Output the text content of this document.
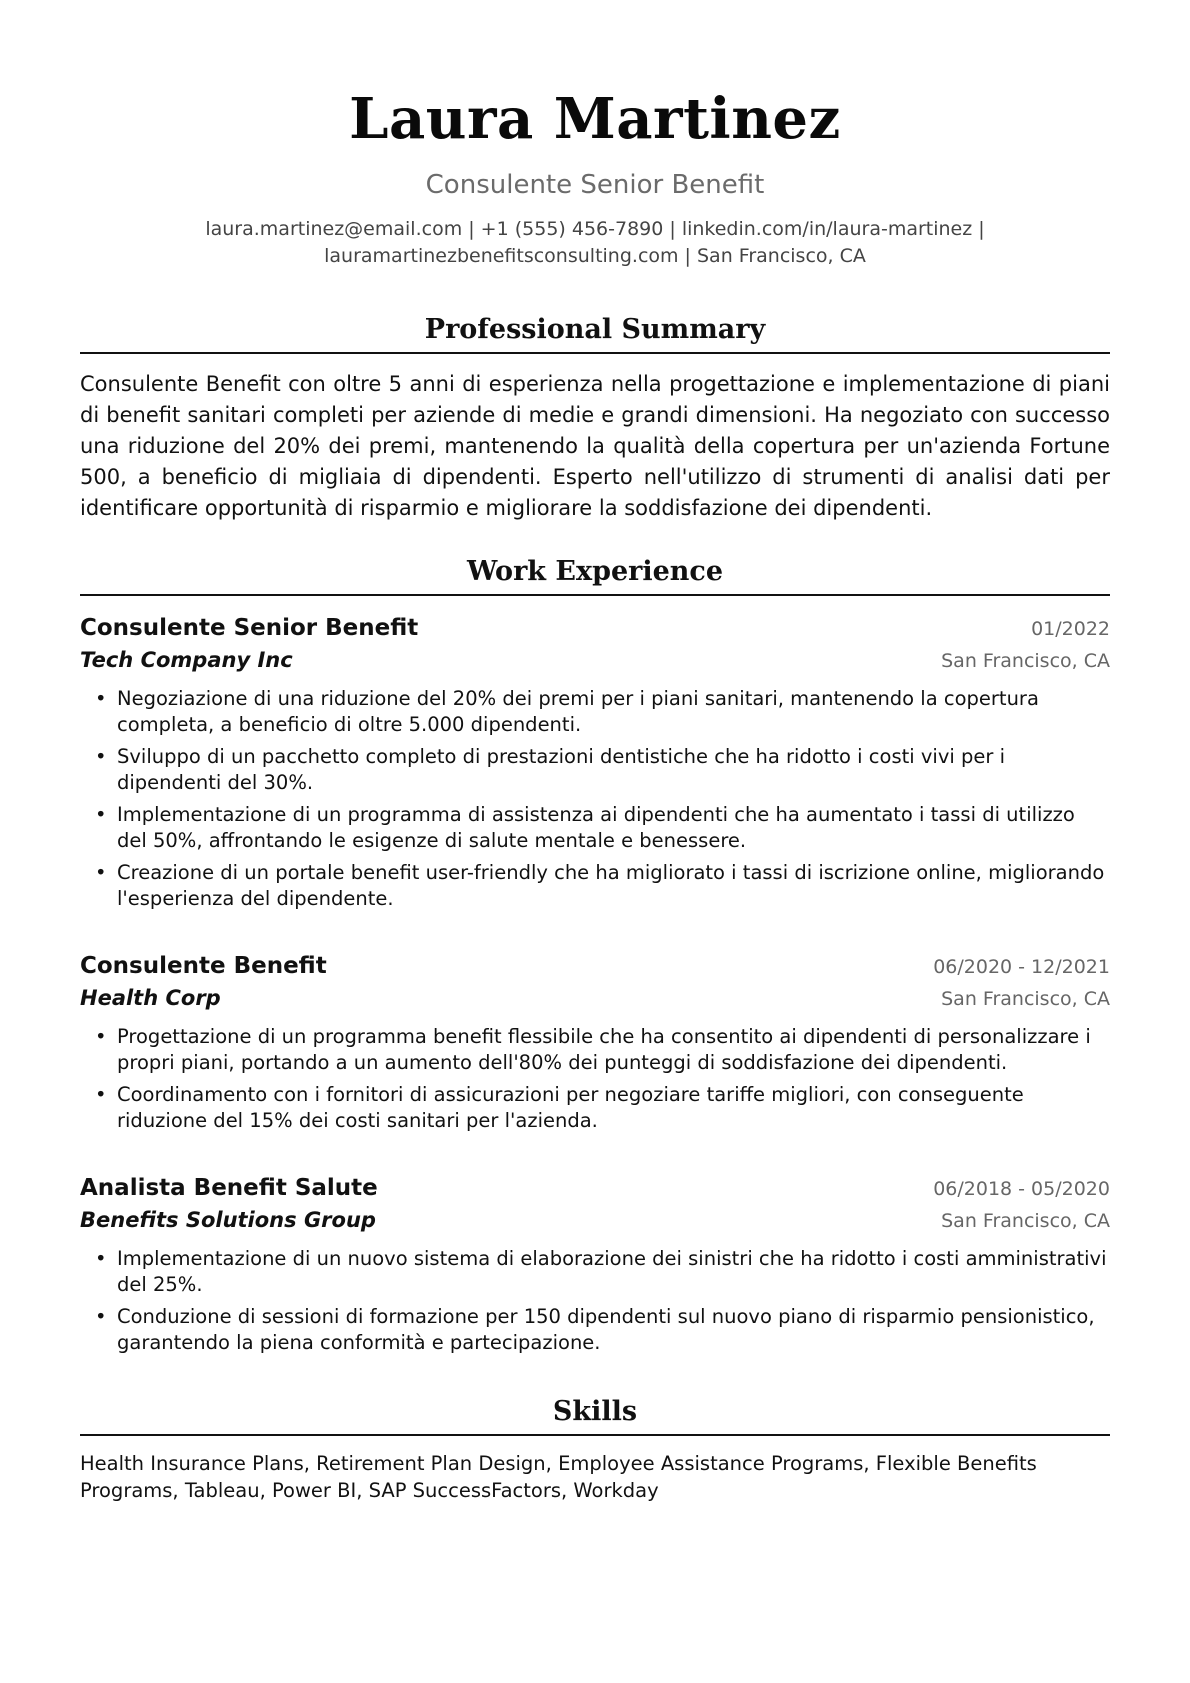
Laura Martinez
Consulente Senior Benefit
laura.martinez@email.com | +1 (555) 456-7890 | linkedin.com/in/laura-martinez |
lauramartinezbenefitsconsulting.com | San Francisco, CA
Professional Summary

Consulente Benefit con oltre 5 anni di esperienza nella progettazione e implementazione di piani di benefit sanitari completi per aziende di medie e grandi dimensioni. Ha negoziato con successo una riduzione del 20% dei premi, mantenendo la qualità della copertura per un'azienda Fortune 500, a beneficio di migliaia di dipendenti. Esperto nell'utilizzo di strumenti di analisi dati per identificare opportunità di risparmio e migliorare la soddisfazione dei dipendenti.

Work Experience
Consulente Senior Benefit	01/2022
Tech Company Inc	San Francisco, CA
• Negoziazione di una riduzione del 20% dei premi per i piani sanitari, mantenendo la copertura completa, a beneficio di oltre 5.000 dipendenti.
• Sviluppo di un pacchetto completo di prestazioni dentistiche che ha ridotto i costi vivi per i dipendenti del 30%.
• Implementazione di un programma di assistenza ai dipendenti che ha aumentato i tassi di utilizzo del 50%, affrontando le esigenze di salute mentale e benessere.
• Creazione di un portale benefit user-friendly che ha migliorato i tassi di iscrizione online, migliorando l'esperienza del dipendente.
Consulente Benefit	06/2020 - 12/2021
Health Corp	San Francisco, CA
• Progettazione di un programma benefit flessibile che ha consentito ai dipendenti di personalizzare i propri piani, portando a un aumento dell'80% dei punteggi di soddisfazione dei dipendenti.
• Coordinamento con i fornitori di assicurazioni per negoziare tariffe migliori, con conseguente riduzione del 15% dei costi sanitari per l'azienda.
Analista Benefit Salute	06/2018 - 05/2020
Benefits Solutions Group	San Francisco, CA
• Implementazione di un nuovo sistema di elaborazione dei sinistri che ha ridotto i costi amministrativi del 25%.
• Conduzione di sessioni di formazione per 150 dipendenti sul nuovo piano di risparmio pensionistico, garantendo la piena conformità e partecipazione.
Skills

Health Insurance Plans, Retirement Plan Design, Employee Assistance Programs, Flexible Benefits Programs, Tableau, Power BI, SAP SuccessFactors, Workday
